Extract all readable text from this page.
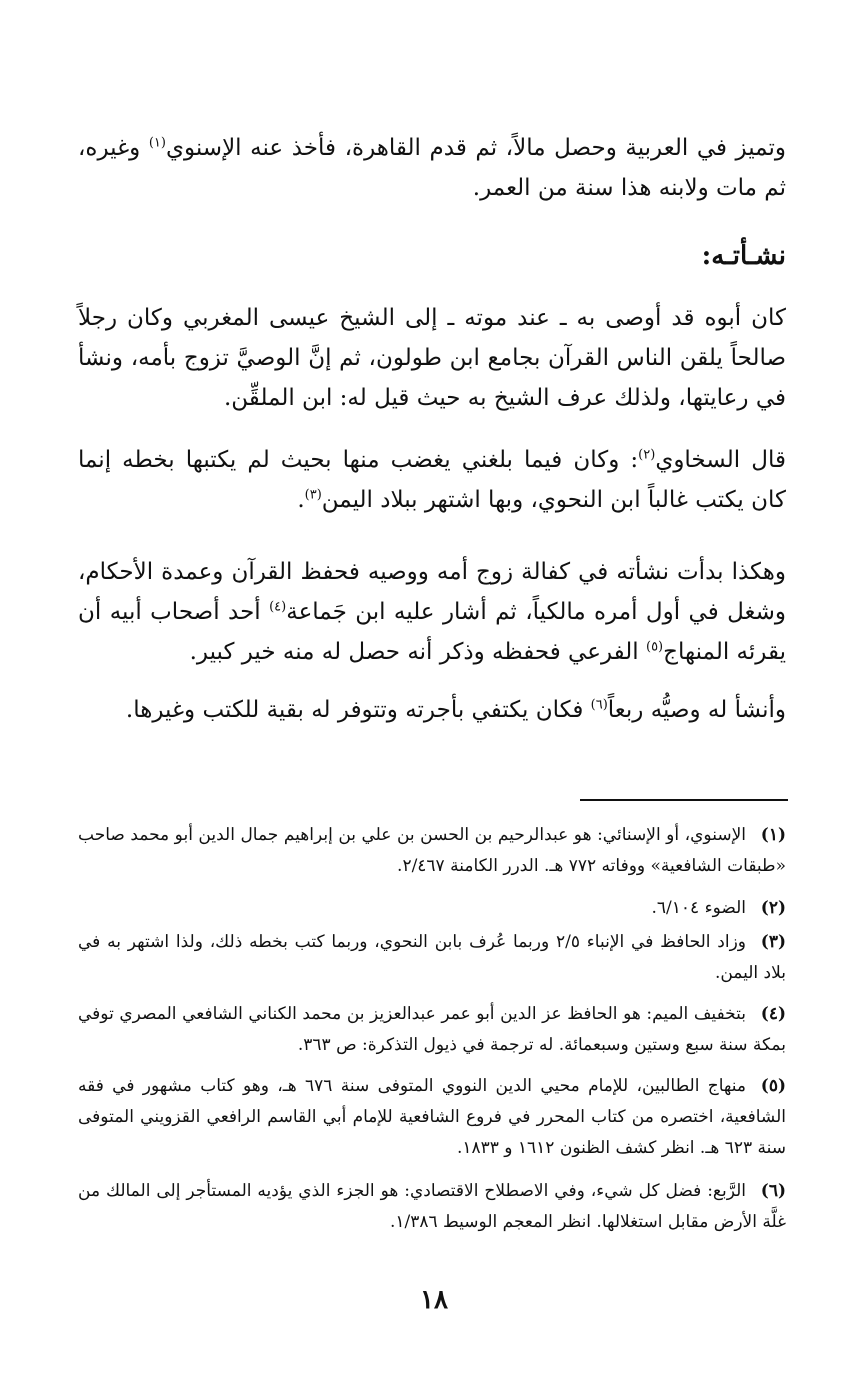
وتميز في العربية وحصل مالاً، ثم قدم القاهرة، فأخذ عنه الإسنوي$^{(١)}$ وغيره، ثم مات ولابنه هذا سنة من العمر.

نشـأتـه:

كان أبوه قد أوصى به ـ عند موته ـ إلى الشيخ عيسى المغربي وكان رجلاً صالحاً يلقن الناس القرآن بجامع ابن طولون، ثم إنَّ الوصيَّ تزوج بأمه، ونشأ في رعايتها، ولذلك عرف الشيخ به حيث قيل له: ابن الملقِّن.

قال السخاوي$^{(٢)}$: وكان فيما بلغني يغضب منها بحيث لم يكتبها بخطه إنما كان يكتب غالباً ابن النحوي، وبها اشتهر ببلاد اليمن$^{(٣)}$.

وهكذا بدأت نشأته في كفالة زوج أمه ووصيه فحفظ القرآن وعمدة الأحكام، وشغل في أول أمره مالكياً، ثم أشار عليه ابن جَماعة$^{(٤)}$ أحد أصحاب أبيه أن يقرئه المنهاج$^{(٥)}$ الفرعي فحفظه وذكر أنه حصل له منه خير كبير.

وأنشأ له وصيُّه ربعاً$^{(٦)}$ فكان يكتفي بأجرته وتتوفر له بقية للكتب وغيرها.

(١)الإسنوي، أو الإسنائي: هو عبدالرحيم بن الحسن بن علي بن إبراهيم جمال الدين أبو محمد صاحب «طبقات الشافعية» ووفاته ٧٧٢ هـ. الدرر الكامنة ٢/٤٦٧.
(٢)الضوء ٦/١٠٤.
(٣)وزاد الحافظ في الإنباء ٢/٥ وربما عُرف بابن النحوي، وربما كتب بخطه ذلك، ولذا اشتهر به في بلاد اليمن.
(٤)بتخفيف الميم: هو الحافظ عز الدين أبو عمر عبدالعزيز بن محمد الكناني الشافعي المصري توفي بمكة سنة سبع وستين وسبعمائة. له ترجمة في ذيول التذكرة: ص ٣٦٣.
(٥)منهاج الطالبين، للإمام محيي الدين النووي المتوفى سنة ٦٧٦ هـ، وهو كتاب مشهور في فقه الشافعية، اختصره من كتاب المحرر في فروع الشافعية للإمام أبي القاسم الرافعي القزويني المتوفى سنة ٦٢٣ هـ. انظر كشف الظنون ١٦١٢ و ١٨٣٣.
(٦)الرَّبع: فضل كل شيء، وفي الاصطلاح الاقتصادي: هو الجزء الذي يؤديه المستأجر إلى المالك من غلَّة الأرض مقابل استغلالها. انظر المعجم الوسيط ١/٣٨٦.
١٨
